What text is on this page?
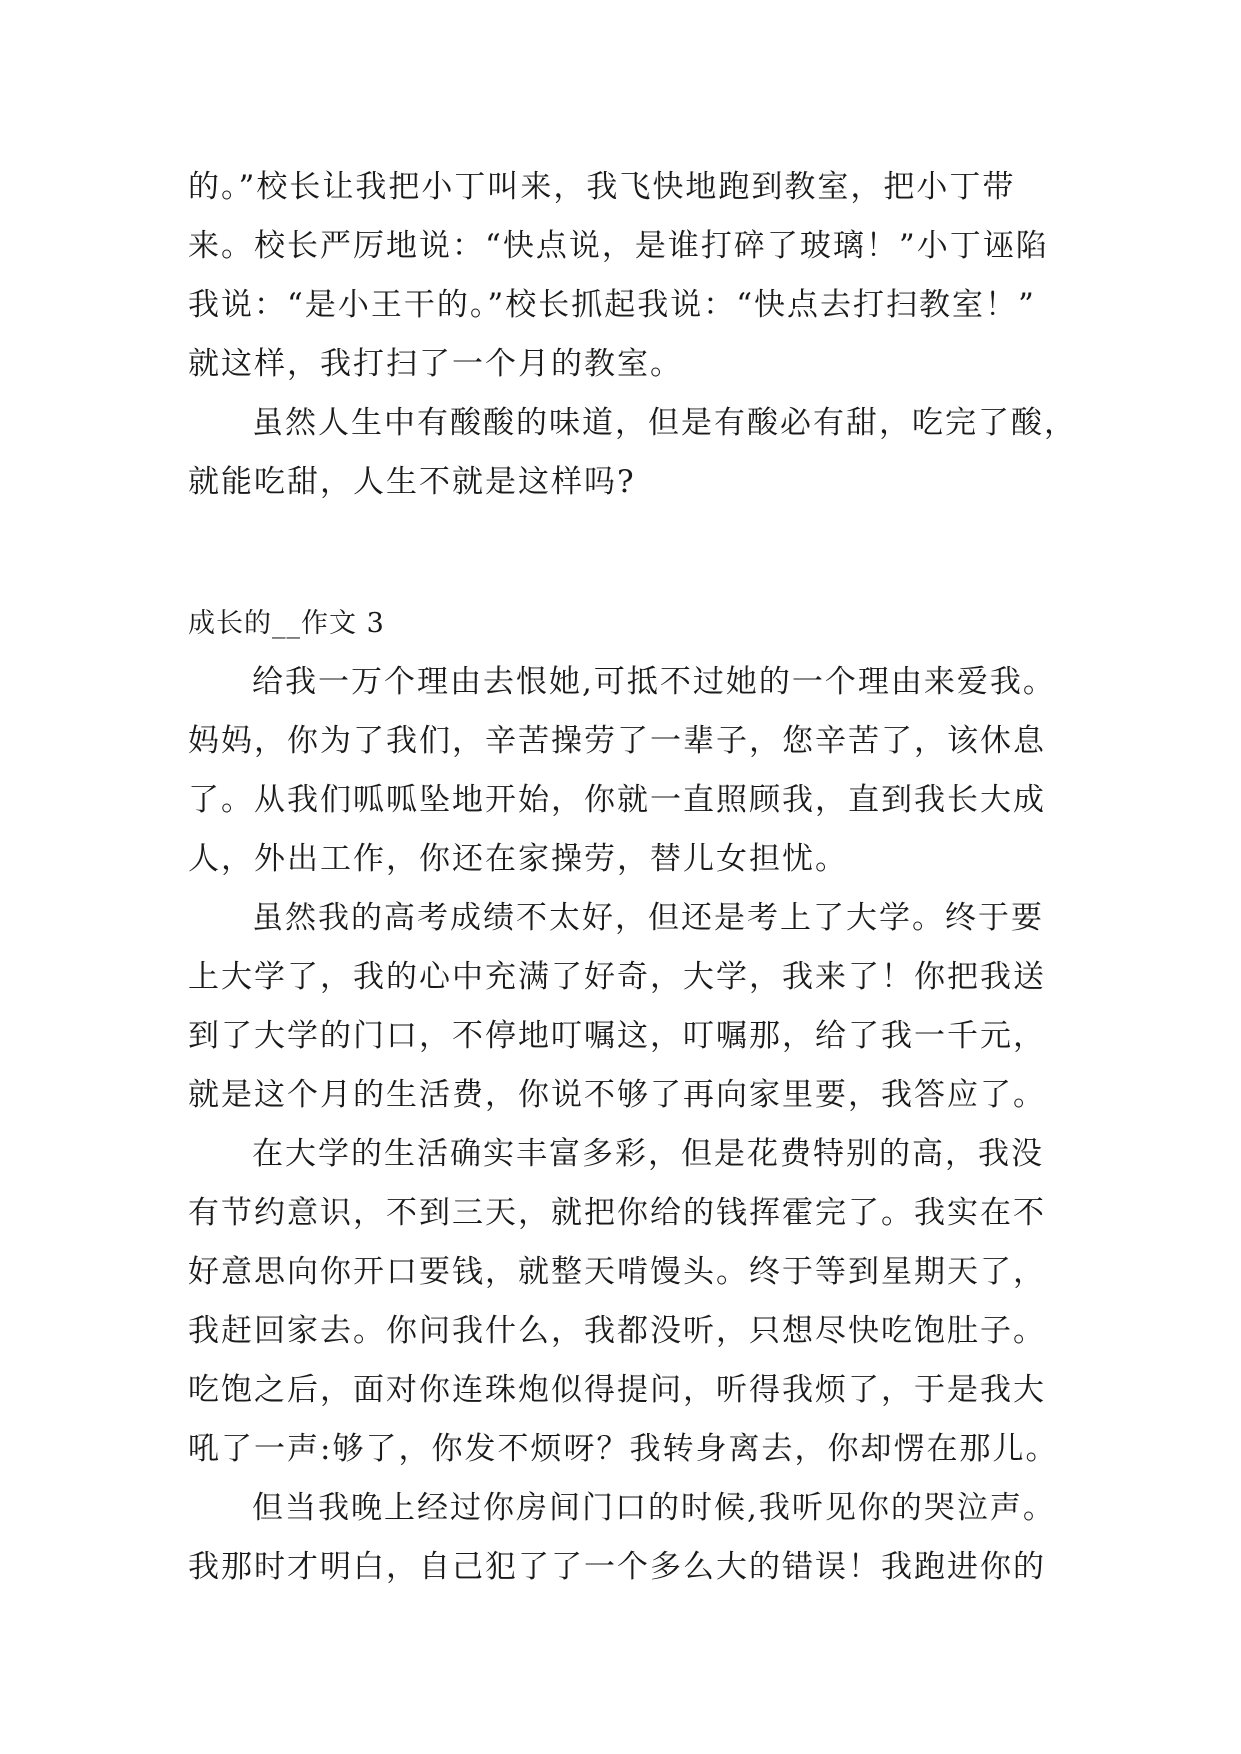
的。”校长让我把小丁叫来，我飞快地跑到教室，把小丁带
来。校长严厉地说：“快点说，是谁打碎了玻璃！”小丁诬陷
我说：“是小王干的。”校长抓起我说：“快点去打扫教室！”
就这样，我打扫了一个月的教室。
虽然人生中有酸酸的味道，但是有酸必有甜，吃完了酸，
就能吃甜，人生不就是这样吗?
成长的__作文 3
给我一万个理由去恨她,可抵不过她的一个理由来爱我。
妈妈，你为了我们，辛苦操劳了一辈子，您辛苦了，该休息
了。从我们呱呱坠地开始，你就一直照顾我，直到我长大成
人，外出工作，你还在家操劳，替儿女担忧。
虽然我的高考成绩不太好，但还是考上了大学。终于要
上大学了，我的心中充满了好奇，大学，我来了！你把我送
到了大学的门口，不停地叮嘱这，叮嘱那，给了我一千元，
就是这个月的生活费，你说不够了再向家里要，我答应了。
在大学的生活确实丰富多彩，但是花费特别的高，我没
有节约意识，不到三天，就把你给的钱挥霍完了。我实在不
好意思向你开口要钱，就整天啃馒头。终于等到星期天了，
我赶回家去。你问我什么，我都没听，只想尽快吃饱肚子。
吃饱之后，面对你连珠炮似得提问，听得我烦了，于是我大
吼了一声:够了，你发不烦呀？我转身离去，你却愣在那儿。
但当我晚上经过你房间门口的时候,我听见你的哭泣声。
我那时才明白，自己犯了了一个多么大的错误！我跑进你的
